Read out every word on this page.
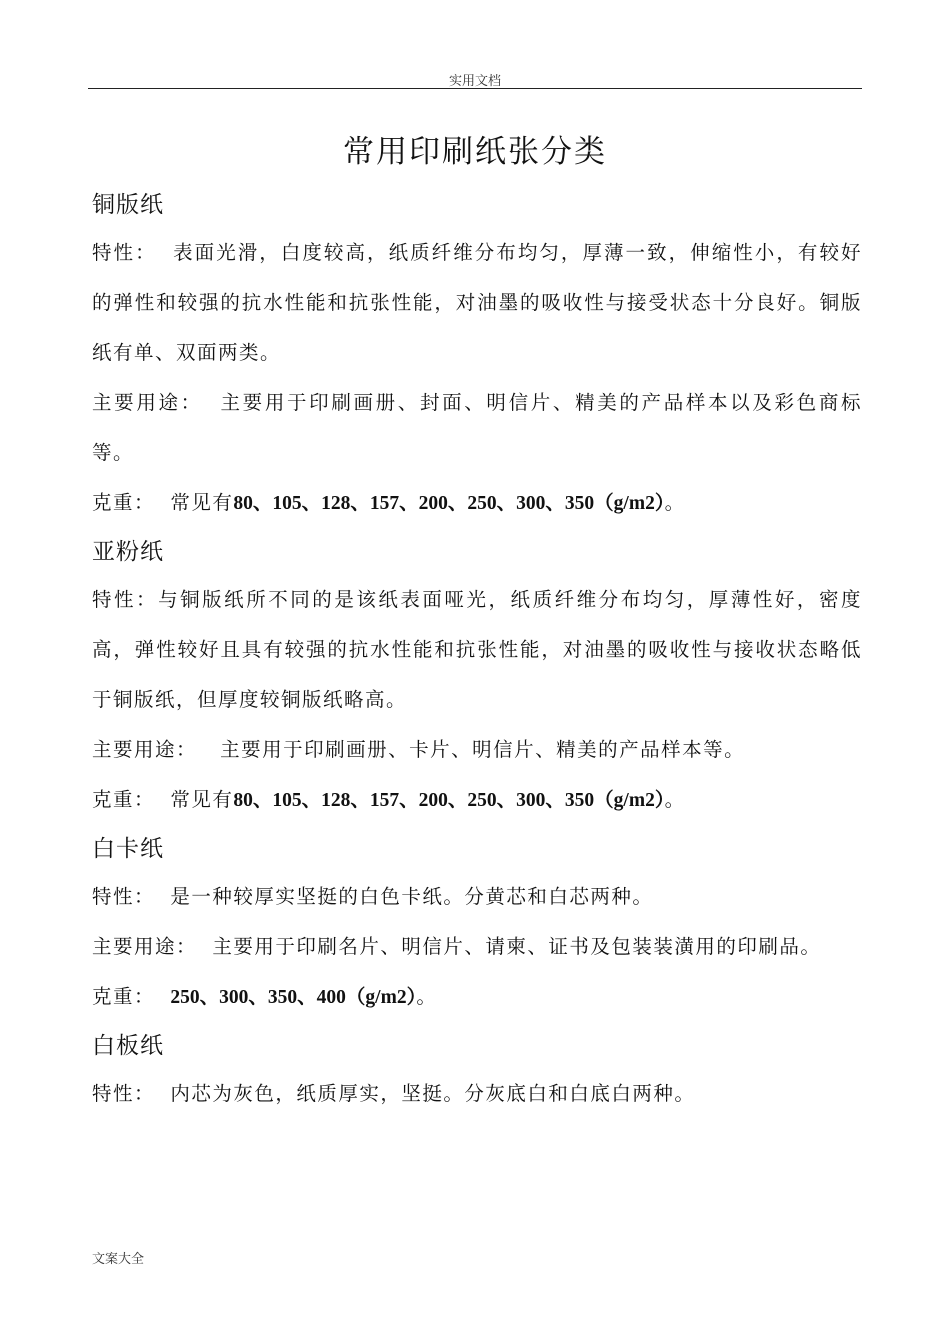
实用文档
常用印刷纸张分类
铜版纸
特性：  表面光滑，白度较高，纸质纤维分布均匀，厚薄一致，伸缩性小，有较好的弹性和较强的抗水性能和抗张性能，对油墨的吸收性与接受状态十分良好。铜版纸有单、双面两类。
主要用途：  主要用于印刷画册、封面、明信片、精美的产品样本以及彩色商标等。
克重：  常见有80、105、128、157、200、250、300、350（g/m2）。
亚粉纸
特性：与铜版纸所不同的是该纸表面哑光，纸质纤维分布均匀，厚薄性好，密度高，弹性较好且具有较强的抗水性能和抗张性能，对油墨的吸收性与接收状态略低于铜版纸，但厚度较铜版纸略高。
主要用途：   主要用于印刷画册、卡片、明信片、精美的产品样本等。
克重：  常见有80、105、128、157、200、250、300、350（g/m2）。
白卡纸
特性：  是一种较厚实坚挺的白色卡纸。分黄芯和白芯两种。
主要用途：  主要用于印刷名片、明信片、请柬、证书及包装装潢用的印刷品。
克重：  250、300、350、400（g/m2）。
白板纸
特性：  内芯为灰色，纸质厚实，坚挺。分灰底白和白底白两种。
文案大全
